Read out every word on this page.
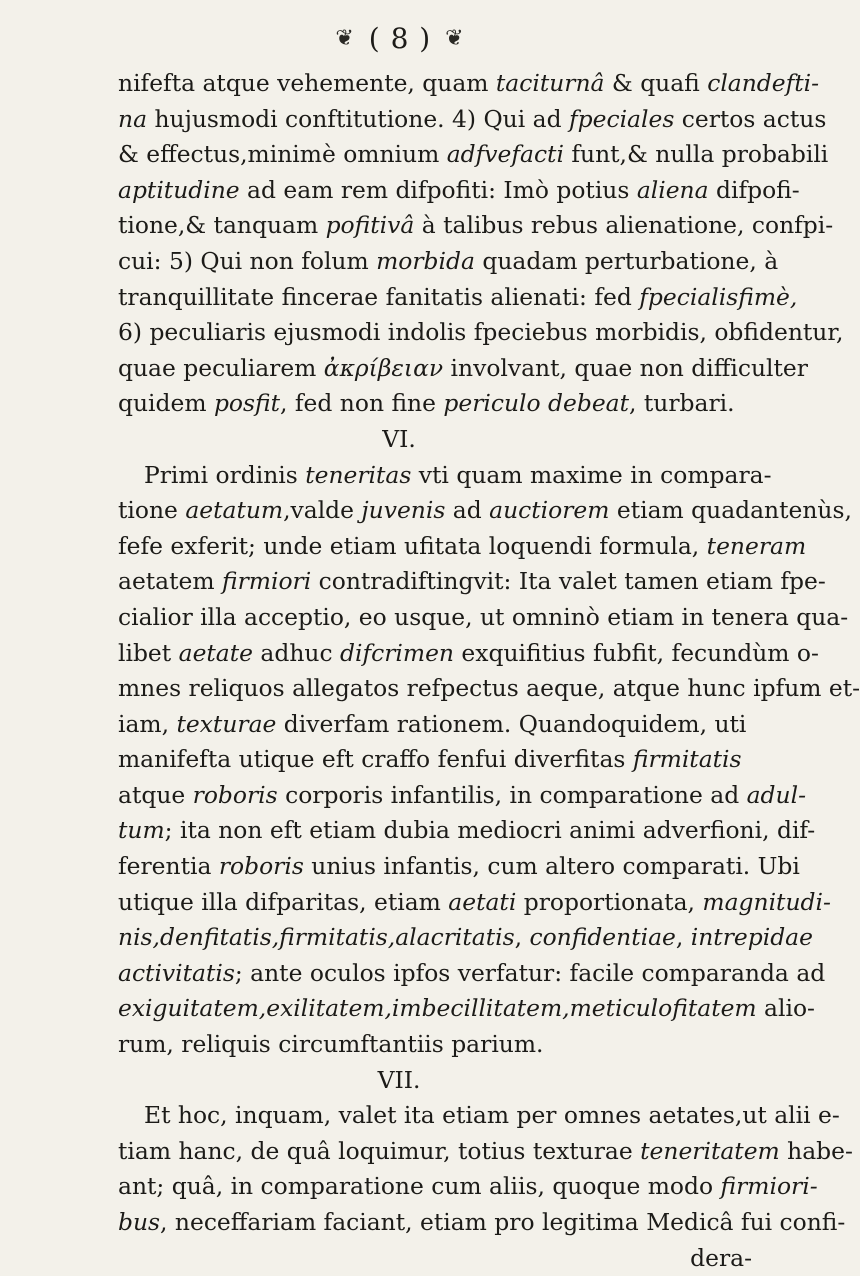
❦ ( 8 ) ❦
nifefta atque vehemente, quam taciturnâ & quafi clandefti-
na hujusmodi conftitutione. 4) Qui ad fpeciales certos actus
& effectus,minimè omnium adfvefacti funt,& nulla probabili
aptitudine ad eam rem difpofiti: Imò potius aliena difpofi-
tione,& tanquam pofitivâ à talibus rebus alienatione, confpi-
cui: 5) Qui non folum morbida quadam perturbatione, à
tranquillitate fincerae fanitatis alienati: fed fpecialisfimè,
6) peculiaris ejusmodi indolis fpeciebus morbidis, obfidentur,
quae peculiarem ἀκρίβειαν involvant, quae non difficulter
quidem posfit, fed non fine periculo debeat, turbari.
VI.
Primi ordinis teneritas vti quam maxime in compara-
tione aetatum,valde juvenis ad auctiorem etiam quadantenùs,
fefe exferit; unde etiam ufitata loquendi formula, teneram
aetatem firmiori contradiftingvit: Ita valet tamen etiam fpe-
cialior illa acceptio, eo usque, ut omninò etiam in tenera qua-
libet aetate adhuc difcrimen exquifitius fubfit, fecundùm o-
mnes reliquos allegatos refpectus aeque, atque hunc ipfum et-
iam, texturae diverfam rationem. Quandoquidem, uti
manifefta utique eft craffo fenfui diverfitas firmitatis
atque roboris corporis infantilis, in comparatione ad adul-
tum; ita non eft etiam dubia mediocri animi adverfioni, dif-
ferentia roboris unius infantis, cum altero comparati. Ubi
utique illa difparitas, etiam aetati proportionata, magnitudi-
nis,denfitatis,firmitatis,alacritatis, confidentiae, intrepidae
activitatis; ante oculos ipfos verfatur: facile comparanda ad
exiguitatem,exilitatem,imbecillitatem,meticulofitatem alio-
rum, reliquis circumftantiis parium.
VII.
Et hoc, inquam, valet ita etiam per omnes aetates,ut alii e-
tiam hanc, de quâ loquimur, totius texturae teneritatem habe-
ant; quâ, in comparatione cum aliis, quoque modo firmiori-
bus, neceffariam faciant, etiam pro legitima Medicâ fui confi-
dera-
